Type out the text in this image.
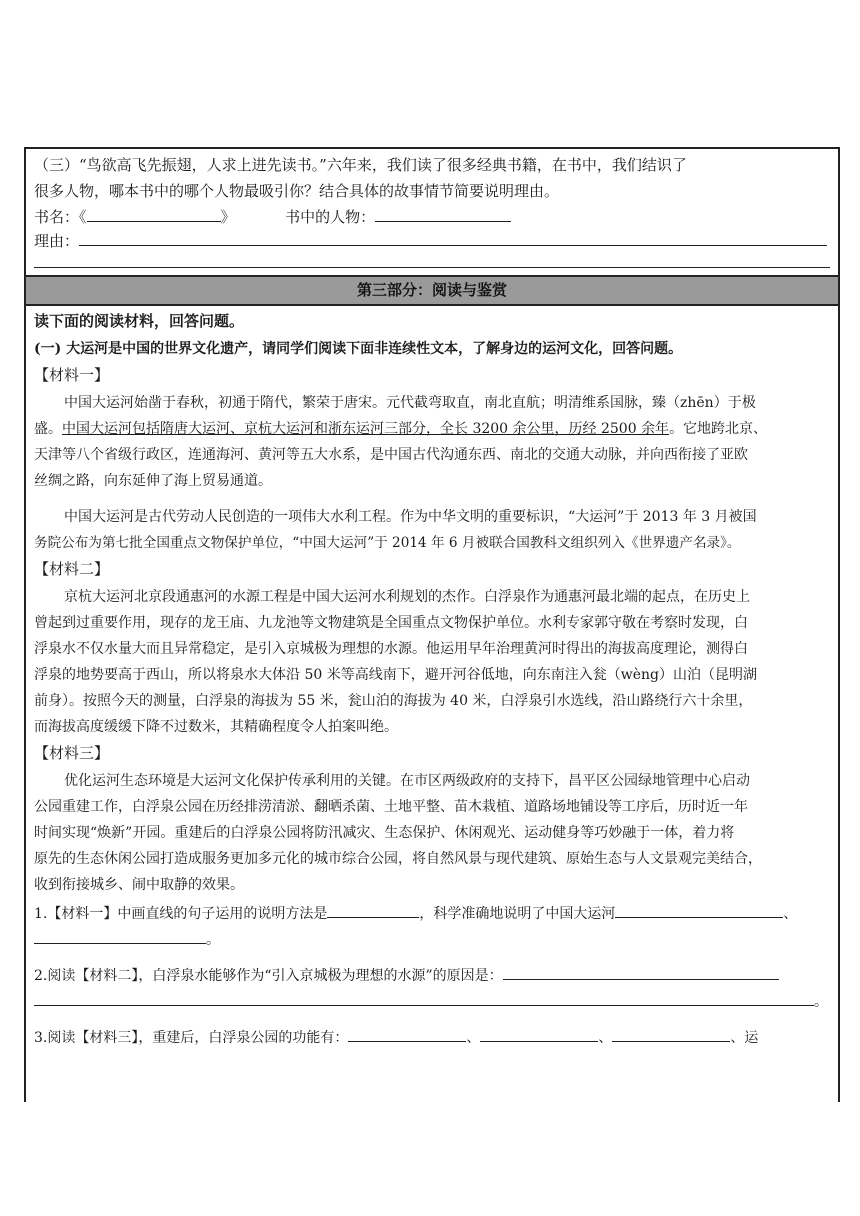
（三）“鸟欲高飞先振翅，人求上进先读书。”六年来，我们读了很多经典书籍，在书中，我们结识了
很多人物，哪本书中的哪个人物最吸引你？结合具体的故事情节简要说明理由。
书名：《	》	书中的人物：
理由：
第三部分：阅读与鉴赏
读下面的阅读材料，回答问题。
(一) 大运河是中国的世界文化遗产，请同学们阅读下面非连续性文本，了解身边的运河文化，回答问题。
【材料一】
中国大运河始凿于春秋，初通于隋代，繁荣于唐宋。元代截弯取直，南北直航；明清维系国脉，臻（zhēn）于极
盛。中国大运河包括隋唐大运河、京杭大运河和浙东运河三部分，全长 3200 余公里，历经 2500 余年。它地跨北京、
天津等八个省级行政区，连通海河、黄河等五大水系，是中国古代沟通东西、南北的交通大动脉，并向西衔接了亚欧
丝绸之路，向东延伸了海上贸易通道。
中国大运河是古代劳动人民创造的一项伟大水利工程。作为中华文明的重要标识，“大运河”于 2013 年 3 月被国
务院公布为第七批全国重点文物保护单位，“中国大运河”于 2014 年 6 月被联合国教科文组织列入《世界遗产名录》。
【材料二】
京杭大运河北京段通惠河的水源工程是中国大运河水利规划的杰作。白浮泉作为通惠河最北端的起点，在历史上
曾起到过重要作用，现存的龙王庙、九龙池等文物建筑是全国重点文物保护单位。水利专家郭守敬在考察时发现，白
浮泉水不仅水量大而且异常稳定，是引入京城极为理想的水源。他运用早年治理黄河时得出的海拔高度理论，测得白
浮泉的地势要高于西山，所以将泉水大体沿 50 米等高线南下，避开河谷低地，向东南注入瓮（wèng）山泊（昆明湖
前身）。按照今天的测量，白浮泉的海拔为 55 米，瓮山泊的海拔为 40 米，白浮泉引水选线，沿山路绕行六十余里，
而海拔高度缓缓下降不过数米，其精确程度令人拍案叫绝。
【材料三】
优化运河生态环境是大运河文化保护传承利用的关键。在市区两级政府的支持下，昌平区公园绿地管理中心启动
公园重建工作，白浮泉公园在历经排涝清淤、翻晒杀菌、土地平整、苗木栽植、道路场地铺设等工序后，历时近一年
时间实现“焕新”开园。重建后的白浮泉公园将防汛减灾、生态保护、休闲观光、运动健身等巧妙融于一体，着力将
原先的生态休闲公园打造成服务更加多元化的城市综合公园，将自然风景与现代建筑、原始生态与人文景观完美结合，
收到衔接城乡、闹中取静的效果。
1.【材料一】中画直线的句子运用的说明方法是	，科学准确地说明了中国大运河	、
。
2.阅读【材料二】，白浮泉水能够作为“引入京城极为理想的水源”的原因是：
。
3.阅读【材料三】，重建后，白浮泉公园的功能有：	、	、	、运
